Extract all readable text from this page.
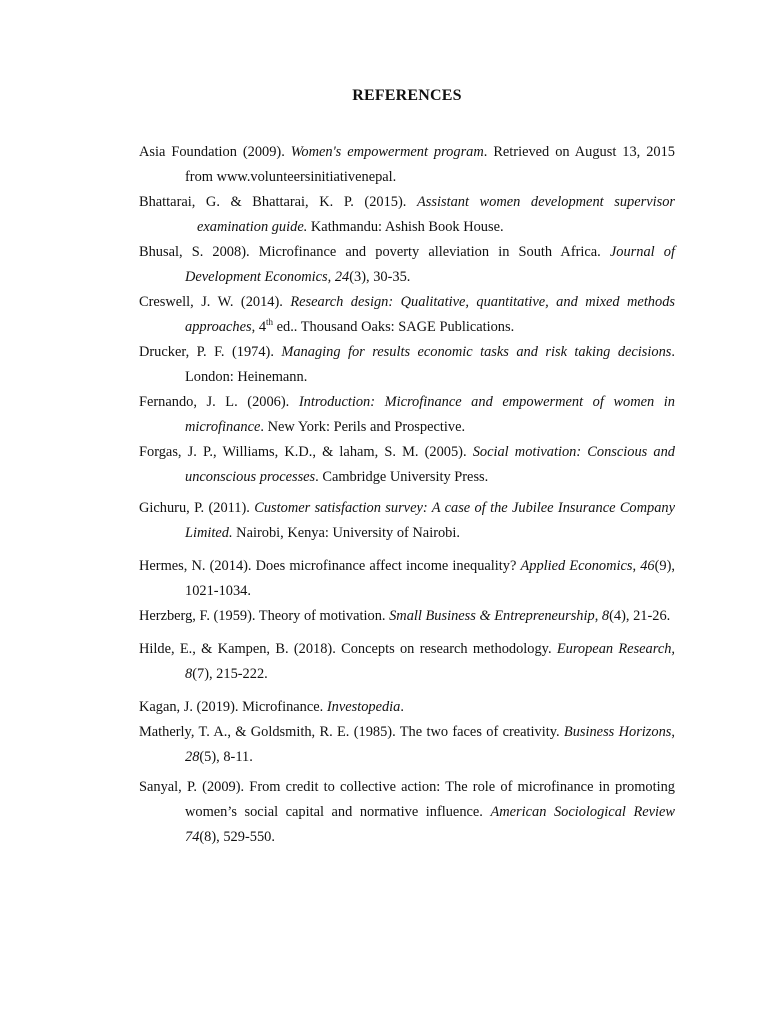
REFERENCES

Asia Foundation (2009). Women's empowerment program. Retrieved on August 13, 2015 from www.volunteersinitiativenepal.

Bhattarai, G. & Bhattarai, K. P. (2015). Assistant women development supervisor examination guide. Kathmandu: Ashish Book House.

Bhusal, S. 2008). Microfinance and poverty alleviation in South Africa. Journal of Development Economics, 24(3), 30-35.

Creswell, J. W. (2014). Research design: Qualitative, quantitative, and mixed methods approaches, 4th ed.. Thousand Oaks: SAGE Publications.

Drucker, P. F. (1974). Managing for results economic tasks and risk taking decisions. London: Heinemann.

Fernando, J. L. (2006). Introduction: Microfinance and empowerment of women in microfinance. New York: Perils and Prospective.

Forgas, J. P., Williams, K.D., & laham, S. M. (2005). Social motivation: Conscious and unconscious processes. Cambridge University Press.

Gichuru, P. (2011). Customer satisfaction survey: A case of the Jubilee Insurance Company Limited. Nairobi, Kenya: University of Nairobi.

Hermes, N. (2014). Does microfinance affect income inequality? Applied Economics, 46(9), 1021-1034.

Herzberg, F. (1959). Theory of motivation. Small Business & Entrepreneurship, 8(4), 21-26.

Hilde, E., & Kampen, B. (2018). Concepts on research methodology. European Research, 8(7), 215-222.

Kagan, J. (2019). Microfinance. Investopedia.

Matherly, T. A., & Goldsmith, R. E. (1985). The two faces of creativity. Business Horizons, 28(5), 8-11.

Sanyal, P. (2009). From credit to collective action: The role of microfinance in promoting women’s social capital and normative influence. American Sociological Review 74(8), 529-550.
